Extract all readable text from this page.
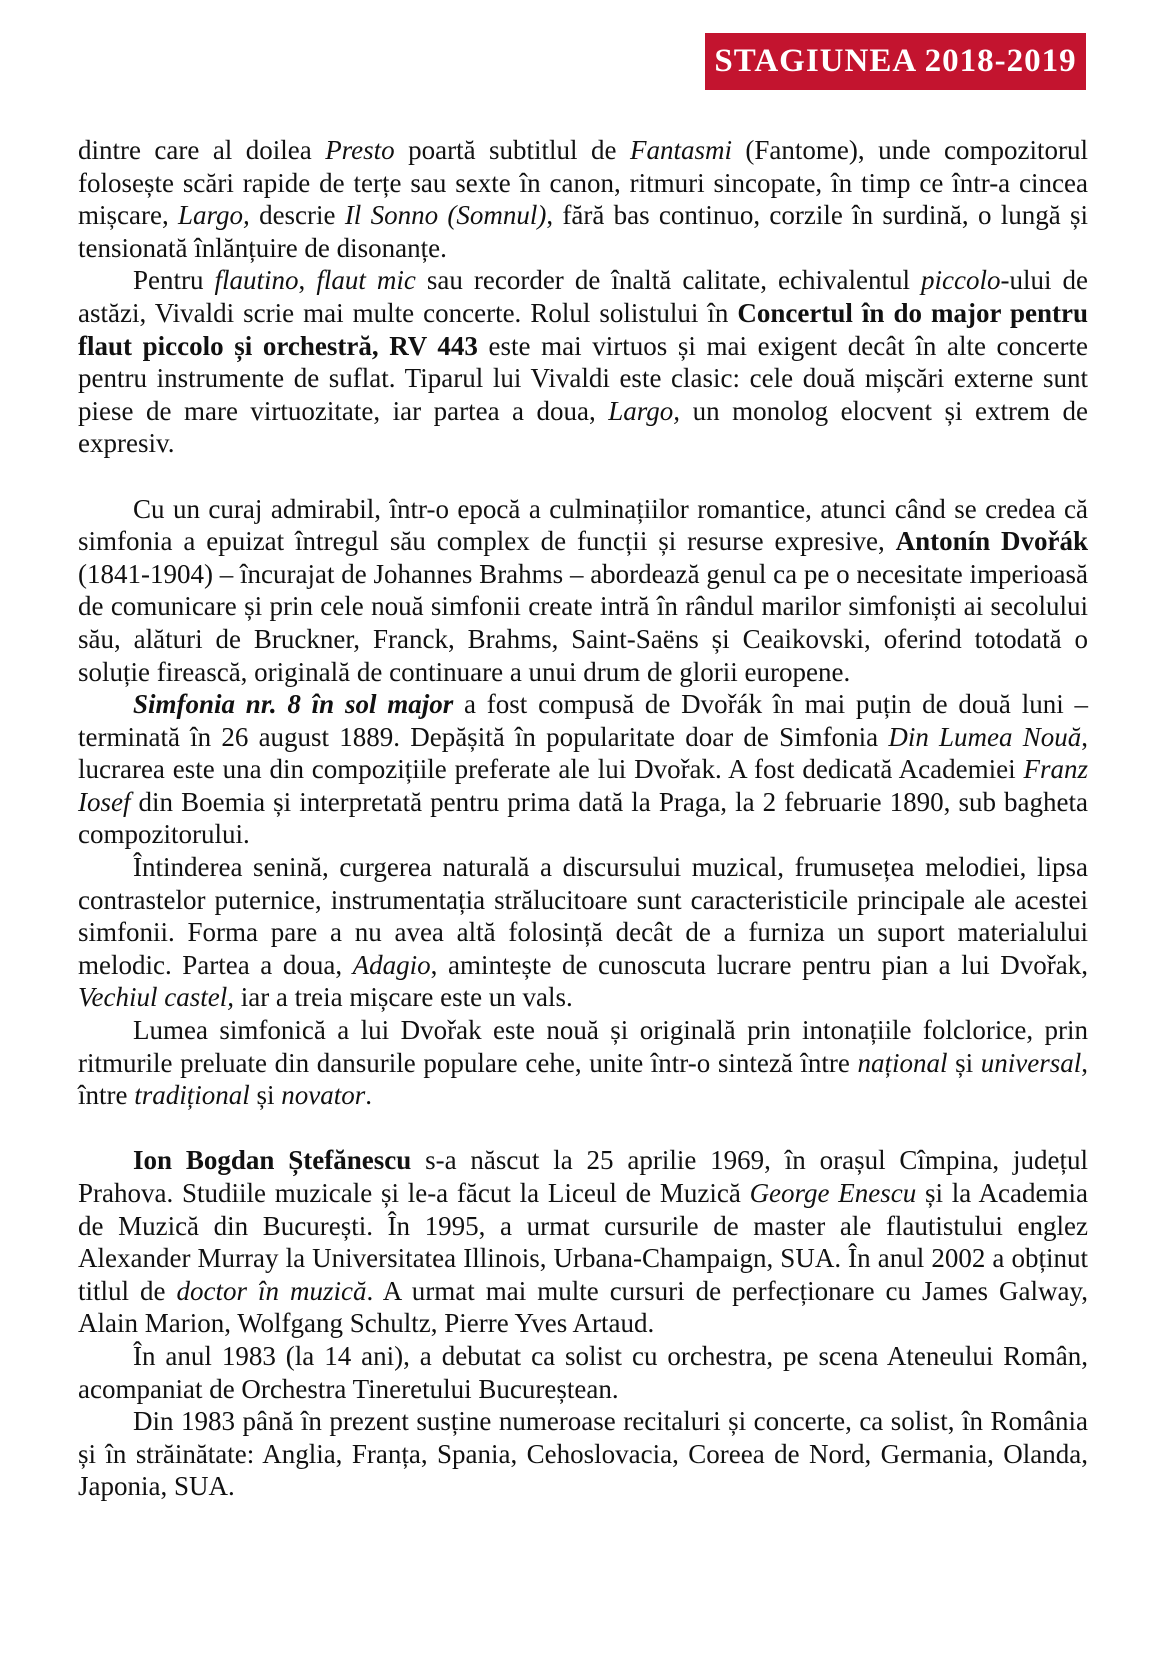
STAGIUNEA 2018-2019

dintre care al doilea Presto poartă subtitlul de Fantasmi (Fantome), unde compozitorul folosește scări rapide de terțe sau sexte în canon, ritmuri sincopate, în timp ce într-a cincea mișcare, Largo, descrie Il Sonno (Somnul), fără bas continuo, corzile în surdină, o lungă și tensionată înlănțuire de disonanțe.

Pentru flautino, flaut mic sau recorder de înaltă calitate, echivalentul piccolo-ului de astăzi, Vivaldi scrie mai multe concerte. Rolul solistului în Concertul în do major pentru flaut piccolo și orchestră, RV 443 este mai virtuos și mai exigent decât în alte concerte pentru instrumente de suflat. Tiparul lui Vivaldi este clasic: cele două mișcări externe sunt piese de mare virtuozitate, iar partea a doua, Largo, un monolog elocvent și extrem de expresiv.

Cu un curaj admirabil, într-o epocă a culminațiilor romantice, atunci când se credea că simfonia a epuizat întregul său complex de funcții și resurse expresive, Antonín Dvořák (1841-1904) – încurajat de Johannes Brahms – abordează genul ca pe o necesitate imperioasă de comunicare și prin cele nouă simfonii create intră în rândul marilor simfoniști ai secolului său, alături de Bruckner, Franck, Brahms, Saint-Saëns și Ceaikovski, oferind totodată o soluție firească, originală de continuare a unui drum de glorii europene.

Simfonia nr. 8 în sol major a fost compusă de Dvořák în mai puțin de două luni – terminată în 26 august 1889. Depășită în popularitate doar de Simfonia Din Lumea Nouă, lucrarea este una din compozițiile preferate ale lui Dvořak. A fost dedicată Academiei Franz Iosef din Boemia și interpretată pentru prima dată la Praga, la 2 februarie 1890, sub bagheta compozitorului.

Întinderea senină, curgerea naturală a discursului muzical, frumusețea melodiei, lipsa contrastelor puternice, instrumentația strălucitoare sunt caracteristicile principale ale acestei simfonii. Forma pare a nu avea altă folosință decât de a furniza un suport materialului melodic. Partea a doua, Adagio, amintește de cunoscuta lucrare pentru pian a lui Dvořak, Vechiul castel, iar a treia mișcare este un vals.

Lumea simfonică a lui Dvořak este nouă și originală prin intonațiile folclorice, prin ritmurile preluate din dansurile populare cehe, unite într-o sinteză între național și universal, între tradițional și novator.

Ion Bogdan Ștefănescu s-a născut la 25 aprilie 1969, în orașul Cîmpina, județul Prahova. Studiile muzicale și le-a făcut la Liceul de Muzică George Enescu și la Academia de Muzică din București. În 1995, a urmat cursurile de master ale flautistului englez Alexander Murray la Universitatea Illinois, Urbana-Champaign, SUA. În anul 2002 a obținut titlul de doctor în muzică. A urmat mai multe cursuri de perfecționare cu James Galway, Alain Marion, Wolfgang Schultz, Pierre Yves Artaud.

În anul 1983 (la 14 ani), a debutat ca solist cu orchestra, pe scena Ateneului Român, acompaniat de Orchestra Tineretului Bucureștean.

Din 1983 până în prezent susține numeroase recitaluri și concerte, ca solist, în România și în străinătate: Anglia, Franța, Spania, Cehoslovacia, Coreea de Nord, Germania, Olanda, Japonia, SUA.
